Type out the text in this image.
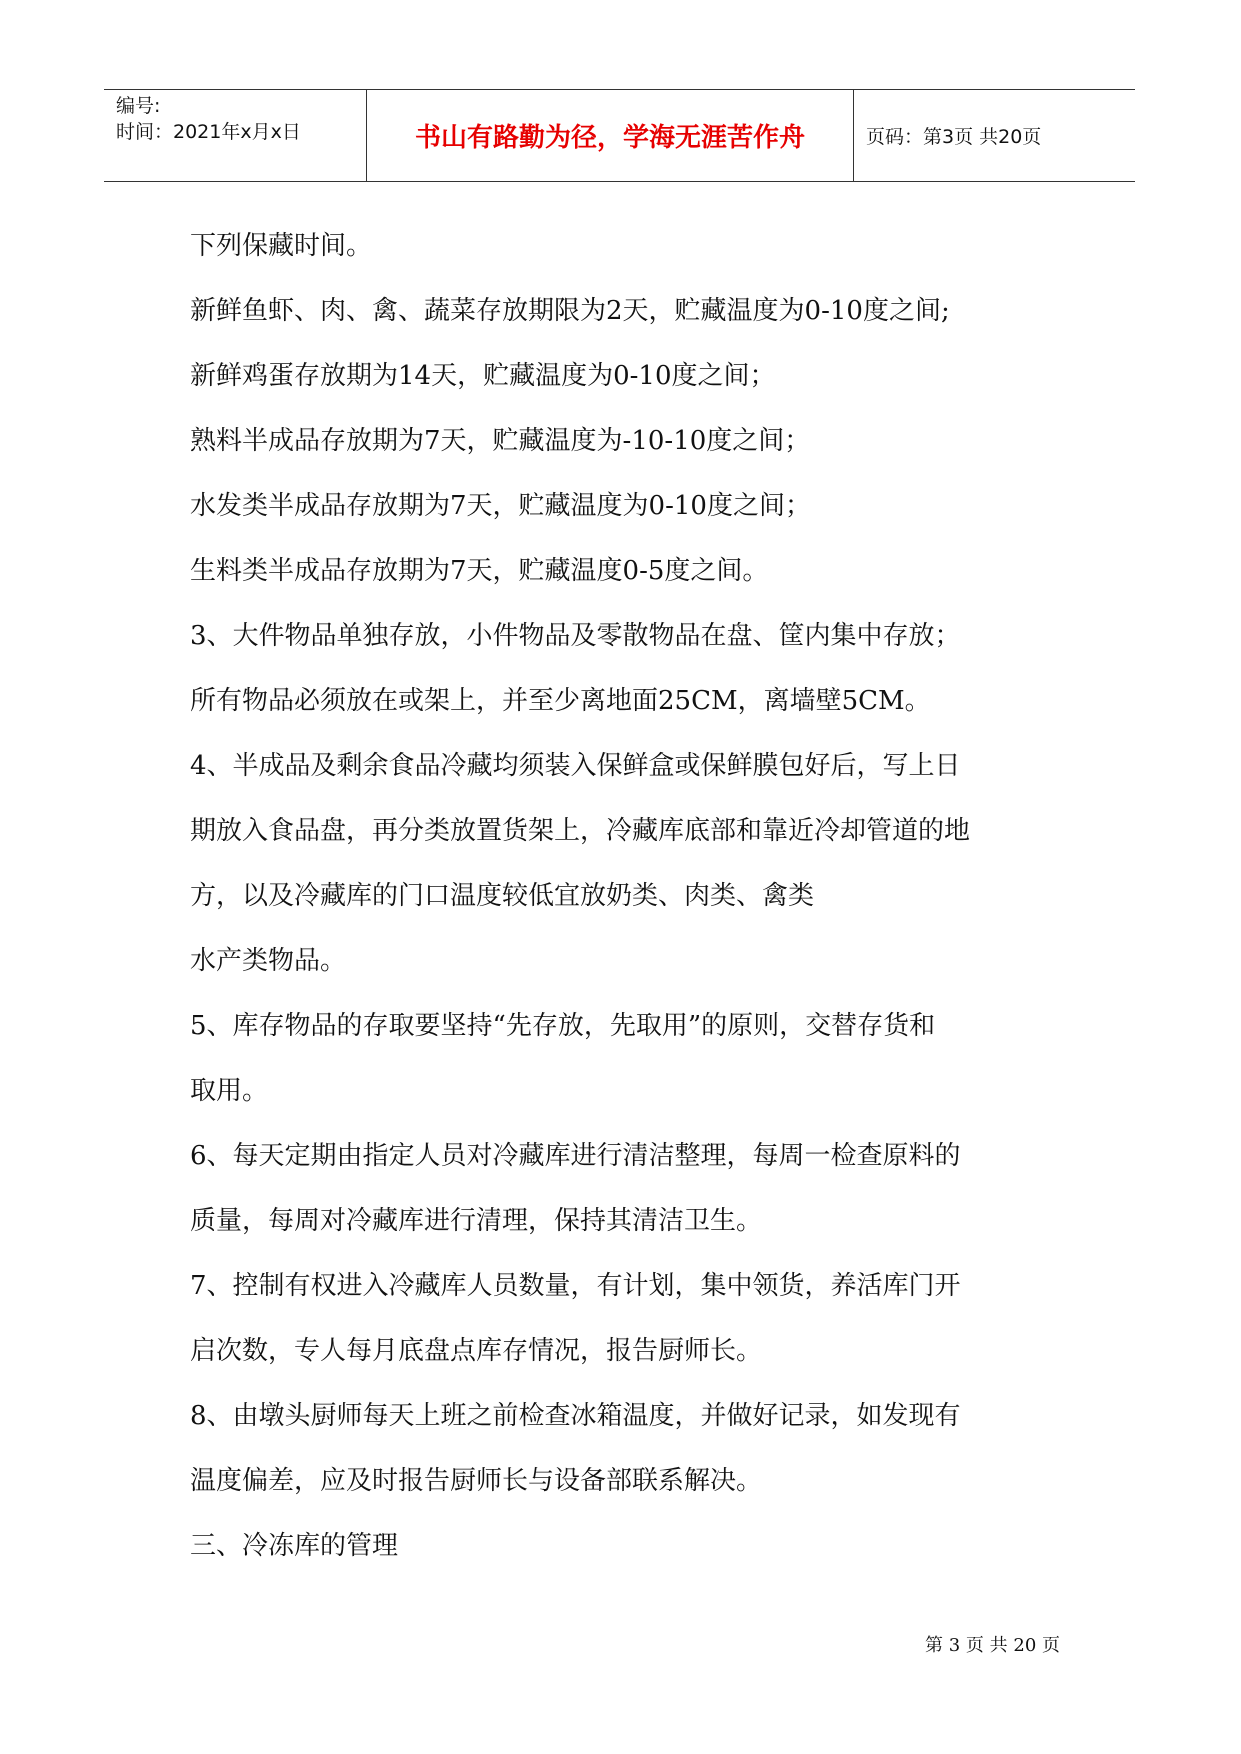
编号:
时间：2021年x月x日	书山有路勤为径，学海无涯苦作舟	页码：第3页 共20页

下列保藏时间。

新鲜鱼虾、肉、禽、蔬菜存放期限为2天，贮藏温度为0-10度之间;

新鲜鸡蛋存放期为14天，贮藏温度为0-10度之间；

熟料半成品存放期为7天，贮藏温度为-10-10度之间；

水发类半成品存放期为7天，贮藏温度为0-10度之间；

生料类半成品存放期为7天，贮藏温度0-5度之间。

3、大件物品单独存放，小件物品及零散物品在盘、筐内集中存放；

所有物品必须放在或架上，并至少离地面25CM，离墙壁5CM。

4、半成品及剩余食品冷藏均须装入保鲜盒或保鲜膜包好后，写上日

期放入食品盘，再分类放置货架上，冷藏库底部和靠近冷却管道的地

方，以及冷藏库的门口温度较低宜放奶类、肉类、禽类

水产类物品。

5、库存物品的存取要坚持“先存放，先取用”的原则，交替存货和

取用。

6、每天定期由指定人员对冷藏库进行清洁整理，每周一检查原料的

质量，每周对冷藏库进行清理，保持其清洁卫生。

7、控制有权进入冷藏库人员数量，有计划，集中领货，养活库门开

启次数，专人每月底盘点库存情况，报告厨师长。

8、由墩头厨师每天上班之前检查冰箱温度，并做好记录，如发现有

温度偏差，应及时报告厨师长与设备部联系解决。

三、冷冻库的管理

第 3 页 共 20 页
